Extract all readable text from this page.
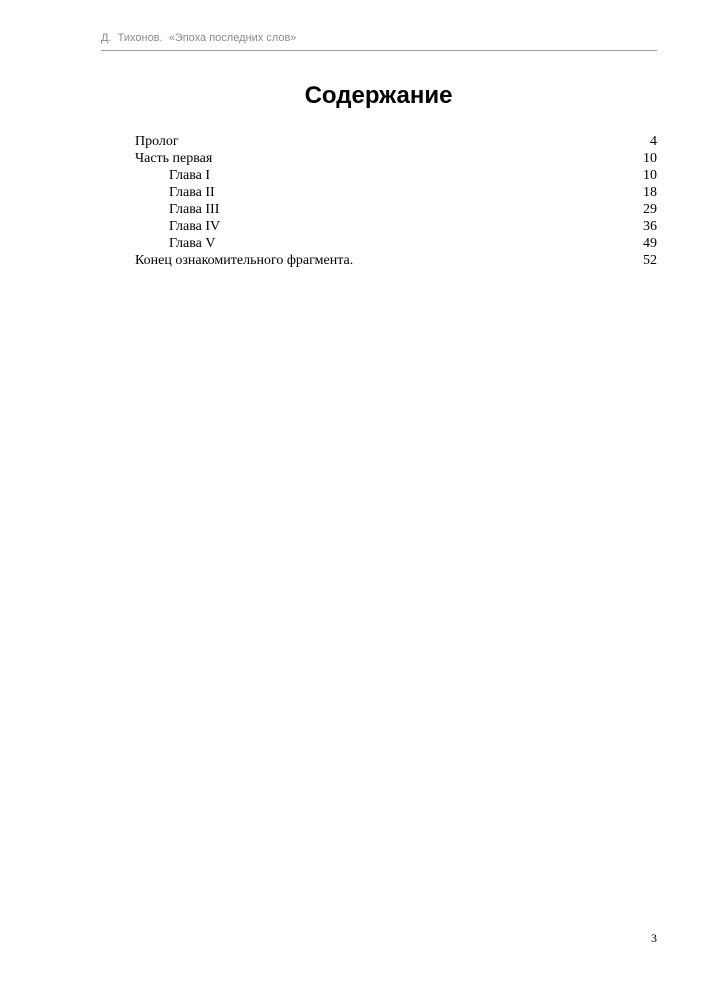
Д.  Тихонов.  «Эпоха последних слов»
Содержание
Пролог	4
Часть первая	10
Глава I	10
Глава II	18
Глава III	29
Глава IV	36
Глава V	49
Конец ознакомительного фрагмента.	52
3
